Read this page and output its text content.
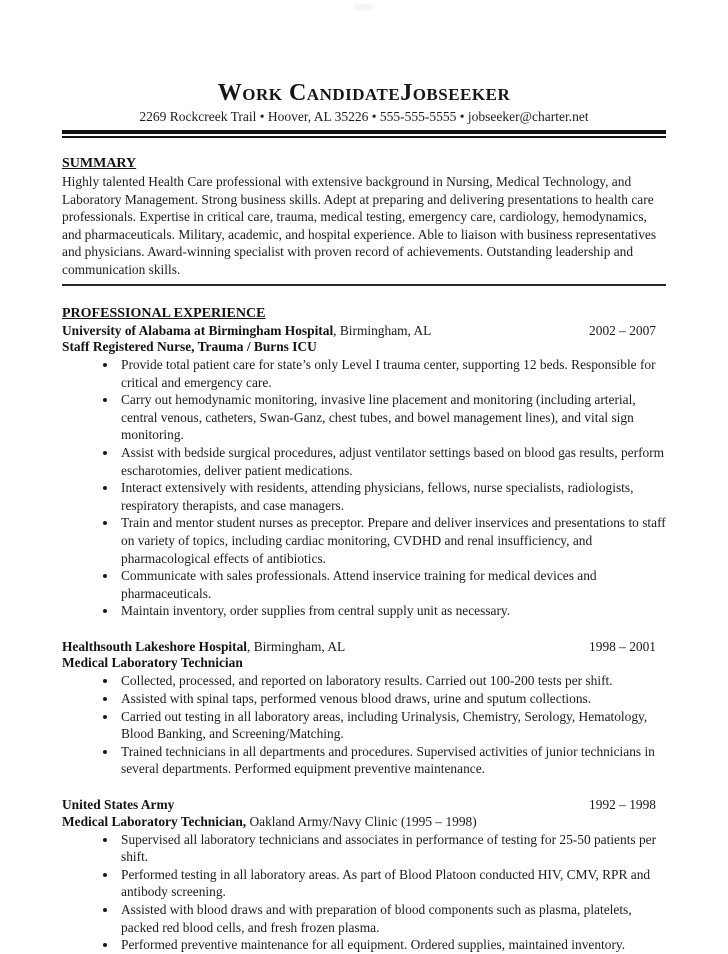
Work CandidateJobseeker
2269 Rockcreek Trail • Hoover, AL 35226 • 555-555-5555 • jobseeker@charter.net
SUMMARY

Highly talented Health Care professional with extensive background in Nursing, Medical Technology, and Laboratory Management. Strong business skills. Adept at preparing and delivering presentations to health care professionals. Expertise in critical care, trauma, medical testing, emergency care, cardiology, hemodynamics, and pharmaceuticals. Military, academic, and hospital experience. Able to liaison with business representatives and physicians. Award-winning specialist with proven record of achievements. Outstanding leadership and communication skills.

PROFESSIONAL EXPERIENCE
University of Alabama at Birmingham Hospital, Birmingham, AL	2002 – 2007
Staff Registered Nurse, Trauma / Burns ICU
• Provide total patient care for state’s only Level I trauma center, supporting 12 beds. Responsible for critical and emergency care.
• Carry out hemodynamic monitoring, invasive line placement and monitoring (including arterial, central venous, catheters, Swan-Ganz, chest tubes, and bowel management lines), and vital sign monitoring.
• Assist with bedside surgical procedures, adjust ventilator settings based on blood gas results, perform escharotomies, deliver patient medications.
• Interact extensively with residents, attending physicians, fellows, nurse specialists, radiologists, respiratory therapists, and case managers.
• Train and mentor student nurses as preceptor. Prepare and deliver inservices and presentations to staff on variety of topics, including cardiac monitoring, CVDHD and renal insufficiency, and pharmacological effects of antibiotics.
• Communicate with sales professionals. Attend inservice training for medical devices and pharmaceuticals.
• Maintain inventory, order supplies from central supply unit as necessary.
Healthsouth Lakeshore Hospital, Birmingham, AL	1998 – 2001
Medical Laboratory Technician
• Collected, processed, and reported on laboratory results. Carried out 100-200 tests per shift.
• Assisted with spinal taps, performed venous blood draws, urine and sputum collections.
• Carried out testing in all laboratory areas, including Urinalysis, Chemistry, Serology, Hematology, Blood Banking, and Screening/Matching.
• Trained technicians in all departments and procedures. Supervised activities of junior technicians in several departments. Performed equipment preventive maintenance.
United States Army	1992 – 1998
Medical Laboratory Technician, Oakland Army/Navy Clinic (1995 – 1998)
• Supervised all laboratory technicians and associates in performance of testing for 25-50 patients per shift.
• Performed testing in all laboratory areas. As part of Blood Platoon conducted HIV, CMV, RPR and antibody screening.
• Assisted with blood draws and with preparation of blood components such as plasma, platelets, packed red blood cells, and fresh frozen plasma.
• Performed preventive maintenance for all equipment. Ordered supplies, maintained inventory.
